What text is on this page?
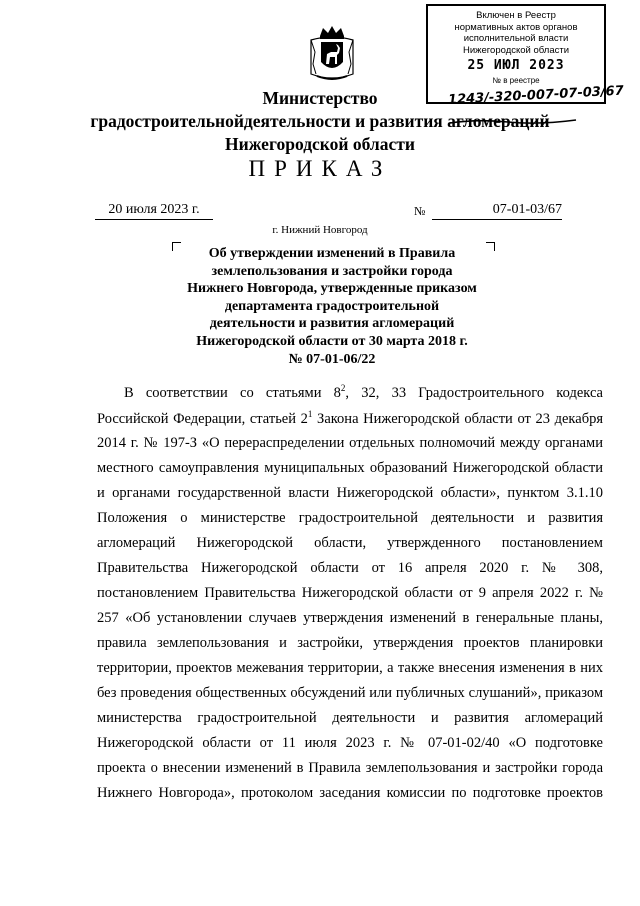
Включен в Реестр
нормативных актов органов
исполнительной власти
Нижегородской области
25 ИЮЛ 2023
№ в реестре
1243/-320-007-07-03/67
Министерство
градостроительнойдеятельности и развития агломераций
Нижегородской области
ПРИКАЗ
20 июля 2023 г.	№	07-01-03/67
г. Нижний Новгород
Об утверждении изменений в Правила
землепользования и застройки города
Нижнего Новгорода, утвержденные приказом
департамента градостроительной
деятельности и развития агломераций
Нижегородской области от 30 марта 2018 г.
№ 07-01-06/22
В соответствии со статьями $8^2$, 32, 33 Градостроительного кодекса
Российской Федерации, статьей $2^1$ Закона Нижегородской области от 23 декабря
2014 г. № 197-З «О перераспределении отдельных полномочий между органами
местного самоуправления муниципальных образований Нижегородской области
и органами государственной власти Нижегородской области», пунктом 3.1.10
Положения о министерстве градостроительной деятельности и развития
агломераций Нижегородской области, утвержденного постановлением
Правительства Нижегородской области от 16 апреля 2020 г. № 308,
постановлением Правительства Нижегородской области от 9 апреля 2022 г. №
257 «Об установлении случаев утверждения изменений в генеральные планы,
правила землепользования и застройки, утверждения проектов планировки
территории, проектов межевания территории, а также внесения изменения в них
без проведения общественных обсуждений или публичных слушаний», приказом
министерства градостроительной деятельности и развития агломераций
Нижегородской области от 11 июля 2023 г. № 07-01-02/40 «О подготовке
проекта о внесении изменений в Правила землепользования и застройки города
Нижнего Новгорода», протоколом заседания комиссии по подготовке проектов
